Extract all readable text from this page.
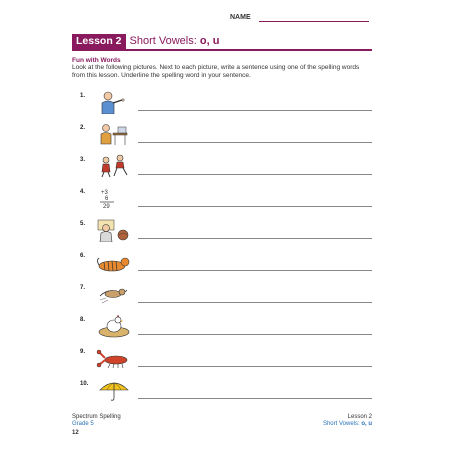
NAME
Lesson 2 Short Vowels: o, u
Fun with Words
Look at the following pictures. Next to each picture, write a sentence using one of the spelling words from this lesson. Underline the spelling word in your sentence.
1.
2.
3.
4.	+3
6
29
5.
6.
7.
8.
9.
10.
Spectrum Spelling
Grade 5
12
Lesson 2
Short Vowels: o, u
